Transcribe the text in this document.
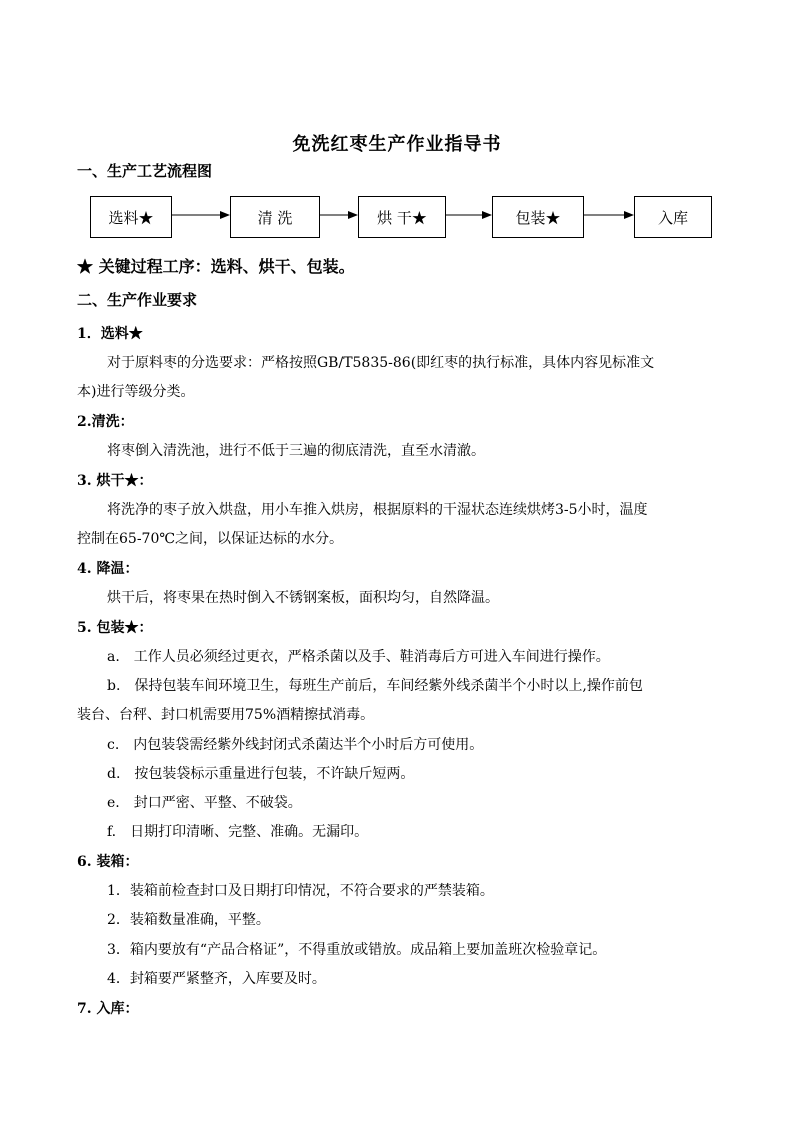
免洗红枣生产作业指导书
一、生产工艺流程图
选料★	清 洗	烘 干★	包装★	入库
★ 关键过程工序：选料、烘干、包装。
二、生产作业要求
1．选料★
对于原料枣的分选要求：严格按照GB/T5835-86(即红枣的执行标准，具体内容见标准文
本)进行等级分类。
2.清洗：
将枣倒入清洗池，进行不低于三遍的彻底清洗，直至水清澈。
3. 烘干★：
将洗净的枣子放入烘盘，用小车推入烘房，根据原料的干湿状态连续烘烤3-5小时，温度
控制在65-70℃之间，以保证达标的水分。
4. 降温：
烘干后，将枣果在热时倒入不锈钢案板，面积均匀，自然降温。
5. 包装★：
a.　工作人员必须经过更衣，严格杀菌以及手、鞋消毒后方可进入车间进行操作。
b.　保持包装车间环境卫生，每班生产前后，车间经紫外线杀菌半个小时以上,操作前包
装台、台秤、封口机需要用75%酒精擦拭消毒。
c.　内包装袋需经紫外线封闭式杀菌达半个小时后方可使用。
d.　按包装袋标示重量进行包装，不许缺斤短两。
e.　封口严密、平整、不破袋。
f.　日期打印清晰、完整、准确。无漏印。
6. 装箱：
1．装箱前检查封口及日期打印情况，不符合要求的严禁装箱。
2．装箱数量准确，平整。
3．箱内要放有“产品合格证”，不得重放或错放。成品箱上要加盖班次检验章记。
4．封箱要严紧整齐，入库要及时。
7. 入库：
